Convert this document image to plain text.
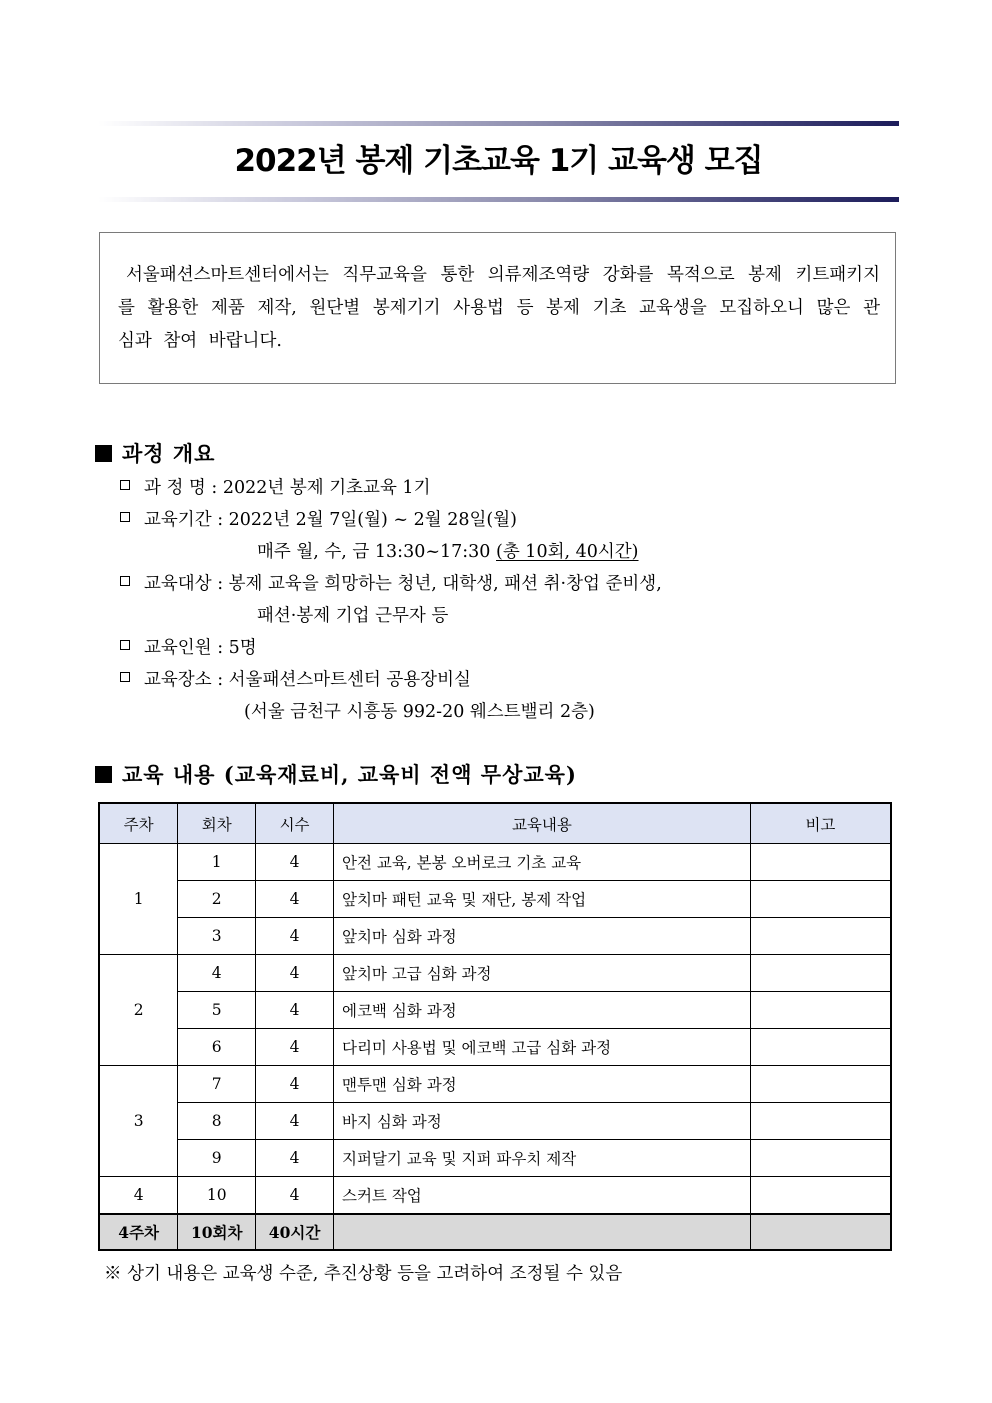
2022년 봉제 기초교육 1기 교육생 모집
서울패션스마트센터에서는 직무교육을 통한 의류제조역량 강화를 목적으로 봉제 키트패키지를 활용한 제품 제작, 원단별 봉제기기 사용법 등 봉제 기초 교육생을 모집하오니 많은 관심과 참여 바랍니다.
과정 개요
과 정 명 : 2022년 봉제 기초교육 1기
교육기간 : 2022년 2월 7일(월) ~ 2월 28일(월)
매주 월, 수, 금 13:30~17:30 (총 10회, 40시간)
교육대상 : 봉제 교육을 희망하는 청년, 대학생, 패션 취·창업 준비생,
패션·봉제 기업 근무자 등
교육인원 : 5명
교육장소 : 서울패션스마트센터 공용장비실
(서울 금천구 시흥동 992-20 웨스트밸리 2층)
교육 내용 (교육재료비, 교육비 전액 무상교육)
주차	회차	시수	교육내용	비고
1	1	4	안전 교육, 본봉 오버로크 기초 교육	
	2	4	앞치마 패턴 교육 및 재단, 봉제 작업	
	3	4	앞치마 심화 과정	
2	4	4	앞치마 고급 심화 과정	
	5	4	에코백 심화 과정	
	6	4	다리미 사용법 및 에코백 고급 심화 과정	
3	7	4	맨투맨 심화 과정	
	8	4	바지 심화 과정	
	9	4	지퍼달기 교육 및 지퍼 파우치 제작	
4	10	4	스커트 작업	
4주차	10회차	40시간		
※ 상기 내용은 교육생 수준, 추진상황 등을 고려하여 조정될 수 있음
